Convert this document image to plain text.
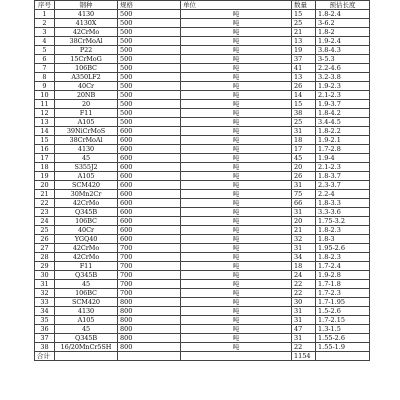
序号	钢种	规格	单位	数量	预估长度
1	4130	500	吨	15	1.8-2.4
2	4130X	500	吨	25	3-6.2
3	42CrMo	500	吨	21	1.8-2
4	38CrMoAl	500	吨	13	1.9-2.4
5	P22	500	吨	19	3.8-4.3
6	15CrMoG	500	吨	37	3-5.3
7	106BC	500	吨	41	2.2-4.6
8	A350LF2	500	吨	13	3.2-3.8
9	40Cr	500	吨	26	1.9-2.3
10	20NB	500	吨	14	2.1-2.3
11	20	500	吨	15	1.9-3.7
12	F11	500	吨	38	1.8-4.2
13	A105	500	吨	25	3.4-4.5
14	39NiCrMoS	600	吨	31	1.8-2.2
15	38CrMoAl	600	吨	18	1.9-2.1
16	4130	600	吨	17	1.7-2.8
17	45	600	吨	45	1.9-4
18	S355J2	600	吨	20	2.1-2.3
19	A105	600	吨	26	1.8-3.7
20	SCM420	600	吨	31	2.3-3.7
21	30Mn2Cr	600	吨	75	2.2-4
22	42CrMo	600	吨	66	1.8-3.3
23	Q345B	600	吨	31	3.3-3.6
24	106BC	600	吨	20	1.75-3.2
25	40Cr	600	吨	21	1.8-2.3
26	YGQ40	600	吨	32	1.8-3
27	42CrMo	700	吨	31	1.95-2.6
28	42CrMo	700	吨	34	1.8-2.3
29	F11	700	吨	18	1.7-2.4
30	Q345B	700	吨	24	1.9-2.8
31	45	700	吨	22	1.7-1.8
32	106BC	700	吨	22	1.7-2.3
33	SCM420	800	吨	30	1.7-1.95
34	4130	800	吨	31	1.5-2.6
35	A105	800	吨	31	1.7-2.15
36	45	800	吨	47	1.3-1.5
37	Q345B	800	吨	31	1.55-2.6
38	16/20MnCr5SH	800	吨	22	1.55-1.9
合计				1154	
